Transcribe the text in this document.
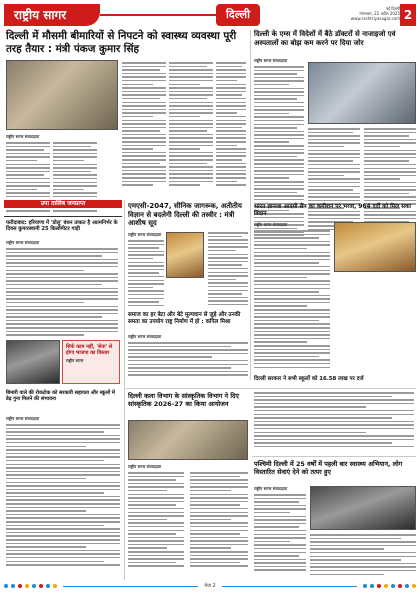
राष्ट्रीय सागर	दिल्ली	नई दिल्ली
मंगलवार, 22 अप्रैल 2025
www.rashtriyasagar.com 2
दिल्ली में मौसमी बीमारियों से निपटने को स्वास्थ्य व्यवस्था पूरी तरह तैयार : मंत्री पंकज कुमार सिंह
राष्ट्रीय सागर संवाददाता
दिल्ली के एम्स में विदेशों में बैठे डॉक्टरों से नाजाइजो एवं अस्पतालों का बोझ कम करने पर दिया जोर
राष्ट्रीय सागर संवाददाता
उपा तालिब जनप्राप्त
फरीदाबाद: हरियाणा में 'डोलू' बंधन ताकत है आत्मनिर्भर के दिवस कुमारस्वामी 25 किलोमीटर गाड़ी
राष्ट्रीय सागर संवाददाता
सिर्फ काम नहीं, 'सेवा' से होगा भाजपा का विस्तार
राष्ट्रीय सागर
एमएसी-2047, सीनिक जागरूक, अतीतीय विज्ञान से बदलेगी दिल्ली की तस्वीर : मंत्री आशीष सूद
राष्ट्रीय सागर संवाददाता
समाज का हर बेटा और बेटे मूल्यवान से जुड़े और उनकी समता का उपयोग राष्ट्र निर्माण में हो : कपिल मिश्रा
राष्ट्रीय सागर संवाददाता
भारत ज्ञानजा आदमी सैप का कमीशन पर भरवा, 964 दर्दी को मिल सका विदान
राष्ट्रीय सागर संवाददाता
दिल्ली सरकार ने सभी स्कूलों को 16.58 लाख पर दर्ज
दिल्ली कला विभाग के सांस्कृतिक विभाग ने दिए सांस्कृतिक 2026-27 का किया आयोजन
राष्ट्रीय सागर संवाददाता
बिमारी वाले की रोकटोक को सरकारी सहायता और स्कूलों में डेढ़ गुना मिलने की संभावना
राष्ट्रीय सागर संवाददाता
पश्चिमी दिल्ली में 25 वर्षों में पहली बार स्वास्थ्य अभियान, लोग विस्तारित सेवाएं देने को तत्पर हुए
राष्ट्रीय सागर संवाददाता
पेज 2
